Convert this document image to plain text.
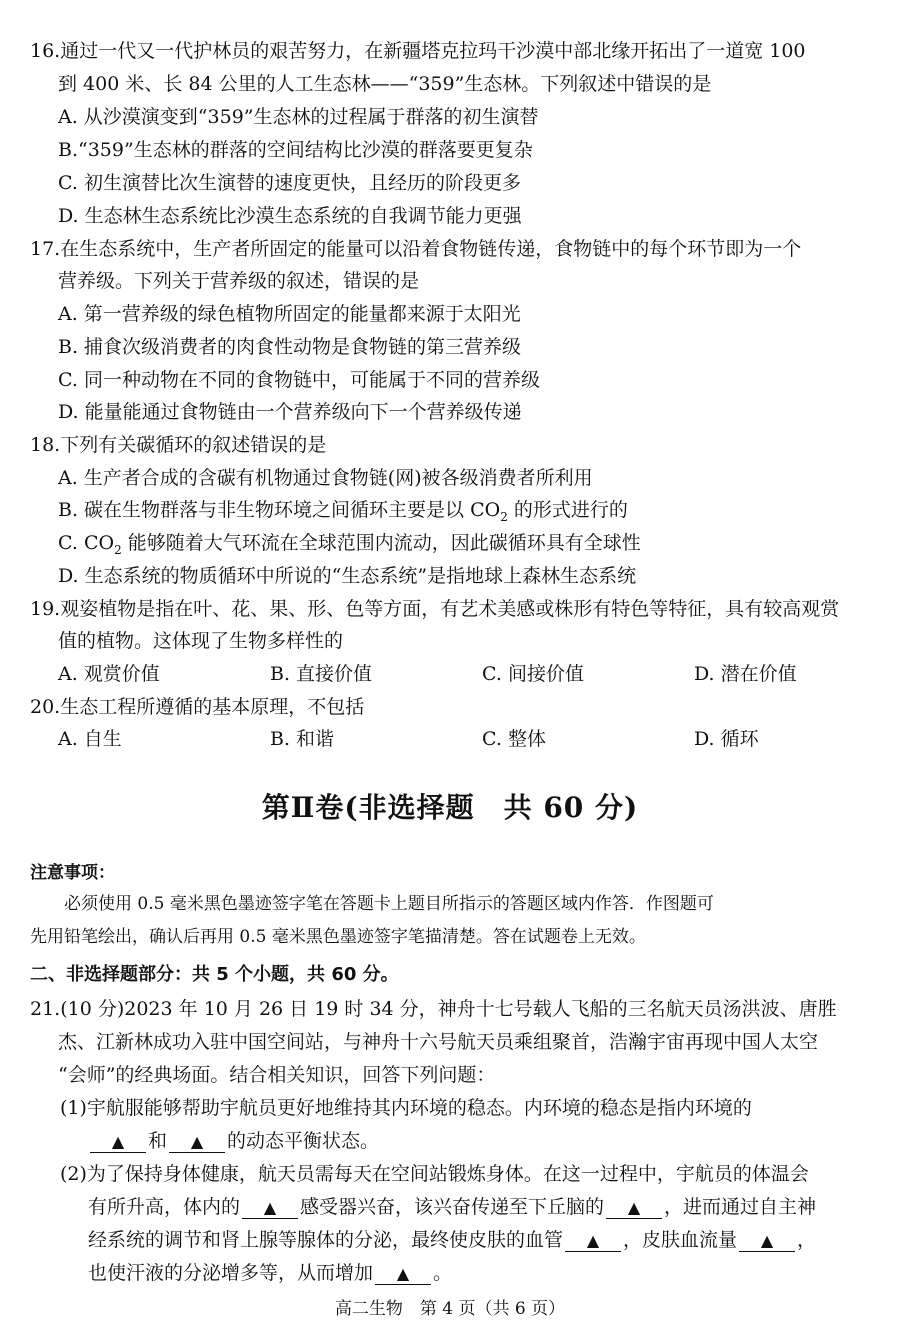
16.通过一代又一代护林员的艰苦努力，在新疆塔克拉玛干沙漠中部北缘开拓出了一道宽 100
到 400 米、长 84 公里的人工生态林——“359”生态林。下列叙述中错误的是
A. 从沙漠演变到“359”生态林的过程属于群落的初生演替
B.“359”生态林的群落的空间结构比沙漠的群落要更复杂
C. 初生演替比次生演替的速度更快，且经历的阶段更多
D. 生态林生态系统比沙漠生态系统的自我调节能力更强
17.在生态系统中，生产者所固定的能量可以沿着食物链传递，食物链中的每个环节即为一个
营养级。下列关于营养级的叙述，错误的是
A. 第一营养级的绿色植物所固定的能量都来源于太阳光
B. 捕食次级消费者的肉食性动物是食物链的第三营养级
C. 同一种动物在不同的食物链中，可能属于不同的营养级
D. 能量能通过食物链由一个营养级向下一个营养级传递
18.下列有关碳循环的叙述错误的是
A. 生产者合成的含碳有机物通过食物链(网)被各级消费者所利用
B. 碳在生物群落与非生物环境之间循环主要是以 $CO_2$ 的形式进行的
C. $CO_2$ 能够随着大气环流在全球范围内流动，因此碳循环具有全球性
D. 生态系统的物质循环中所说的“生态系统”是指地球上森林生态系统
19.观姿植物是指在叶、花、果、形、色等方面，有艺术美感或株形有特色等特征，具有较高观赏
值的植物。这体现了生物多样性的
A. 观赏价值	B. 直接价值	C. 间接价值	D. 潜在价值
20.生态工程所遵循的基本原理，不包括
A. 自生	B. 和谐	C. 整体	D. 循环
第Ⅱ卷(非选择题　共 60 分)
注意事项：
必须使用 0.5 毫米黑色墨迹签字笔在答题卡上题目所指示的答题区域内作答．作图题可
先用铅笔绘出，确认后再用 0.5 毫米黑色墨迹签字笔描清楚。答在试题卷上无效。
二、非选择题部分：共 5 个小题，共 60 分。
21.(10 分)2023 年 10 月 26 日 19 时 34 分，神舟十七号载人飞船的三名航天员汤洪波、唐胜
杰、江新林成功入驻中国空间站，与神舟十六号航天员乘组聚首，浩瀚宇宙再现中国人太空
“会师”的经典场面。结合相关知识，回答下列问题：
(1)宇航服能够帮助宇航员更好地维持其内环境的稳态。内环境的稳态是指内环境的
▲ 和 ▲ 的动态平衡状态。
(2)为了保持身体健康，航天员需每天在空间站锻炼身体。在这一过程中，宇航员的体温会
有所升高，体内的 ▲ 感受器兴奋，该兴奋传递至下丘脑的 ▲ ，进而通过自主神
经系统的调节和肾上腺等腺体的分泌，最终使皮肤的血管 ▲ ，皮肤血流量 ▲ ，
也使汗液的分泌增多等，从而增加 ▲ 。
高二生物　第 4 页（共 6 页）
